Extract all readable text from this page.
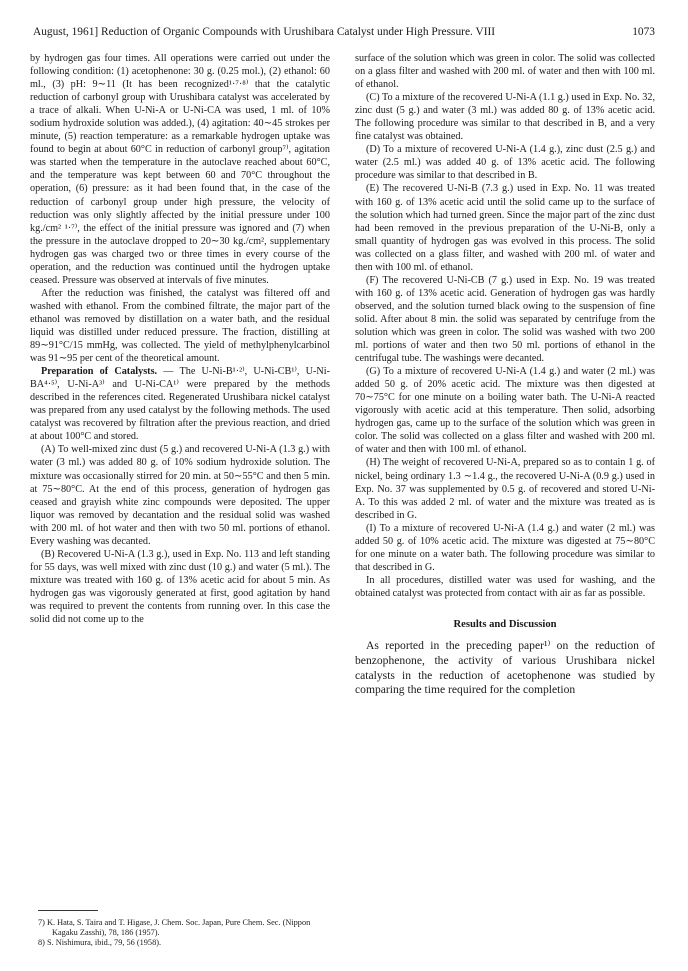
August, 1961] Reduction of Organic Compounds with Urushibara Catalyst under High Pressure. VIII	1073

by hydrogen gas four times. All operations were carried out under the following condition: (1) acetophenone: 30 g. (0.25 mol.), (2) ethanol: 60 ml., (3) pH: 9∼11 (It has been recognized¹·⁷·⁸⁾ that the catalytic reduction of carbonyl group with Urushibara catalyst was accelerated by a trace of alkali. When U-Ni-A or U-Ni-CA was used, 1 ml. of 10% sodium hydroxide solution was added.), (4) agitation: 40∼45 strokes per minute, (5) reaction temperature: as a remarkable hydrogen uptake was found to begin at about 60°C in reduction of carbonyl group⁷⁾, agitation was started when the temperature in the autoclave reached about 60°C, and the temperature was kept between 60 and 70°C throughout the operation, (6) pressure: as it had been found that, in the case of the reduction of carbonyl group under high pressure, the velocity of reduction was only slightly affected by the initial pressure under 100 kg./cm² ¹·⁷⁾, the effect of the initial pressure was ignored and (7) when the pressure in the autoclave dropped to 20∼30 kg./cm², supplementary hydrogen gas was charged two or three times in every course of the operation, and the reduction was continued until the hydrogen uptake ceased. Pressure was observed at intervals of five minutes.

After the reduction was finished, the catalyst was filtered off and washed with ethanol. From the combined filtrate, the major part of the ethanol was removed by distillation on a water bath, and the residual liquid was distilled under reduced pressure. The fraction, distilling at 89∼91°C/15 mmHg, was collected. The yield of methylphenylcarbinol was 91∼95 per cent of the theoretical amount.

Preparation of Catalysts. — The U-Ni-B¹·²⁾, U-Ni-CB¹⁾, U-Ni-BA⁴·⁵⁾, U-Ni-A³⁾ and U-Ni-CA¹⁾ were prepared by the methods described in the references cited. Regenerated Urushibara nickel catalyst was prepared from any used catalyst by the following methods. The used catalyst was recovered by filtration after the previous reaction, and dried at about 100°C and stored.

(A) To well-mixed zinc dust (5 g.) and recovered U-Ni-A (1.3 g.) with water (3 ml.) was added 80 g. of 10% sodium hydroxide solution. The mixture was occasionally stirred for 20 min. at 50∼55°C and then 5 min. at 75∼80°C. At the end of this process, generation of hydrogen gas ceased and grayish white zinc compounds were deposited. The upper liquor was removed by decantation and the residual solid was washed with 200 ml. of hot water and then with two 50 ml. portions of ethanol. Every washing was decanted.

(B) Recovered U-Ni-A (1.3 g.), used in Exp. No. 113 and left standing for 55 days, was well mixed with zinc dust (10 g.) and water (5 ml.). The mixture was treated with 160 g. of 13% acetic acid for about 5 min. As hydrogen gas was vigorously generated at first, good agitation by hand was required to prevent the contents from running over. In this case the solid did not come up to the

7) K. Hata, S. Taira and T. Higase, J. Chem. Soc. Japan, Pure Chem. Sec. (Nippon Kagaku Zasshi), 78, 186 (1957).

8) S. Nishimura, ibid., 79, 56 (1958).

surface of the solution which was green in color. The solid was collected on a glass filter and washed with 200 ml. of water and then with 100 ml. of ethanol.

(C) To a mixture of the recovered U-Ni-A (1.1 g.) used in Exp. No. 32, zinc dust (5 g.) and water (3 ml.) was added 80 g. of 13% acetic acid. The following procedure was similar to that described in B, and a very fine catalyst was obtained.

(D) To a mixture of recovered U-Ni-A (1.4 g.), zinc dust (2.5 g.) and water (2.5 ml.) was added 40 g. of 13% acetic acid. The following procedure was similar to that described in B.

(E) The recovered U-Ni-B (7.3 g.) used in Exp. No. 11 was treated with 160 g. of 13% acetic acid until the solid came up to the surface of the solution which had turned green. Since the major part of the zinc dust had been removed in the previous preparation of the U-Ni-B, only a small quantity of hydrogen gas was evolved in this process. The solid was collected on a glass filter, and washed with 200 ml. of water and then with 100 ml. of ethanol.

(F) The recovered U-Ni-CB (7 g.) used in Exp. No. 19 was treated with 160 g. of 13% acetic acid. Generation of hydrogen gas was hardly observed, and the solution turned black owing to the suspension of fine solid. After about 8 min. the solid was separated by centrifuge from the solution which was green in color. The solid was washed with two 200 ml. portions of water and then two 50 ml. portions of ethanol in the centrifugal tube. The washings were decanted.

(G) To a mixture of recovered U-Ni-A (1.4 g.) and water (2 ml.) was added 50 g. of 20% acetic acid. The mixture was then digested at 70∼75°C for one minute on a boiling water bath. The U-Ni-A reacted vigorously with acetic acid at this temperature. Then solid, adsorbing hydrogen gas, came up to the surface of the solution which was green in color. The solid was collected on a glass filter and washed with 200 ml. of water and then with 100 ml. of ethanol.

(H) The weight of recovered U-Ni-A, prepared so as to contain 1 g. of nickel, being ordinary 1.3 ∼1.4 g., the recovered U-Ni-A (0.9 g.) used in Exp. No. 37 was supplemented by 0.5 g. of recovered and stored U-Ni-A. To this was added 2 ml. of water and the mixture was treated as is described in G.

(I) To a mixture of recovered U-Ni-A (1.4 g.) and water (2 ml.) was added 50 g. of 10% acetic acid. The mixture was digested at 75∼80°C for one minute on a water bath. The following procedure was similar to that described in G.

In all procedures, distilled water was used for washing, and the obtained catalyst was protected from contact with air as far as possible.

Results and Discussion

As reported in the preceding paper¹⁾ on the reduction of benzophenone, the activity of various Urushibara nickel catalysts in the reduction of acetophenone was studied by comparing the time required for the completion
